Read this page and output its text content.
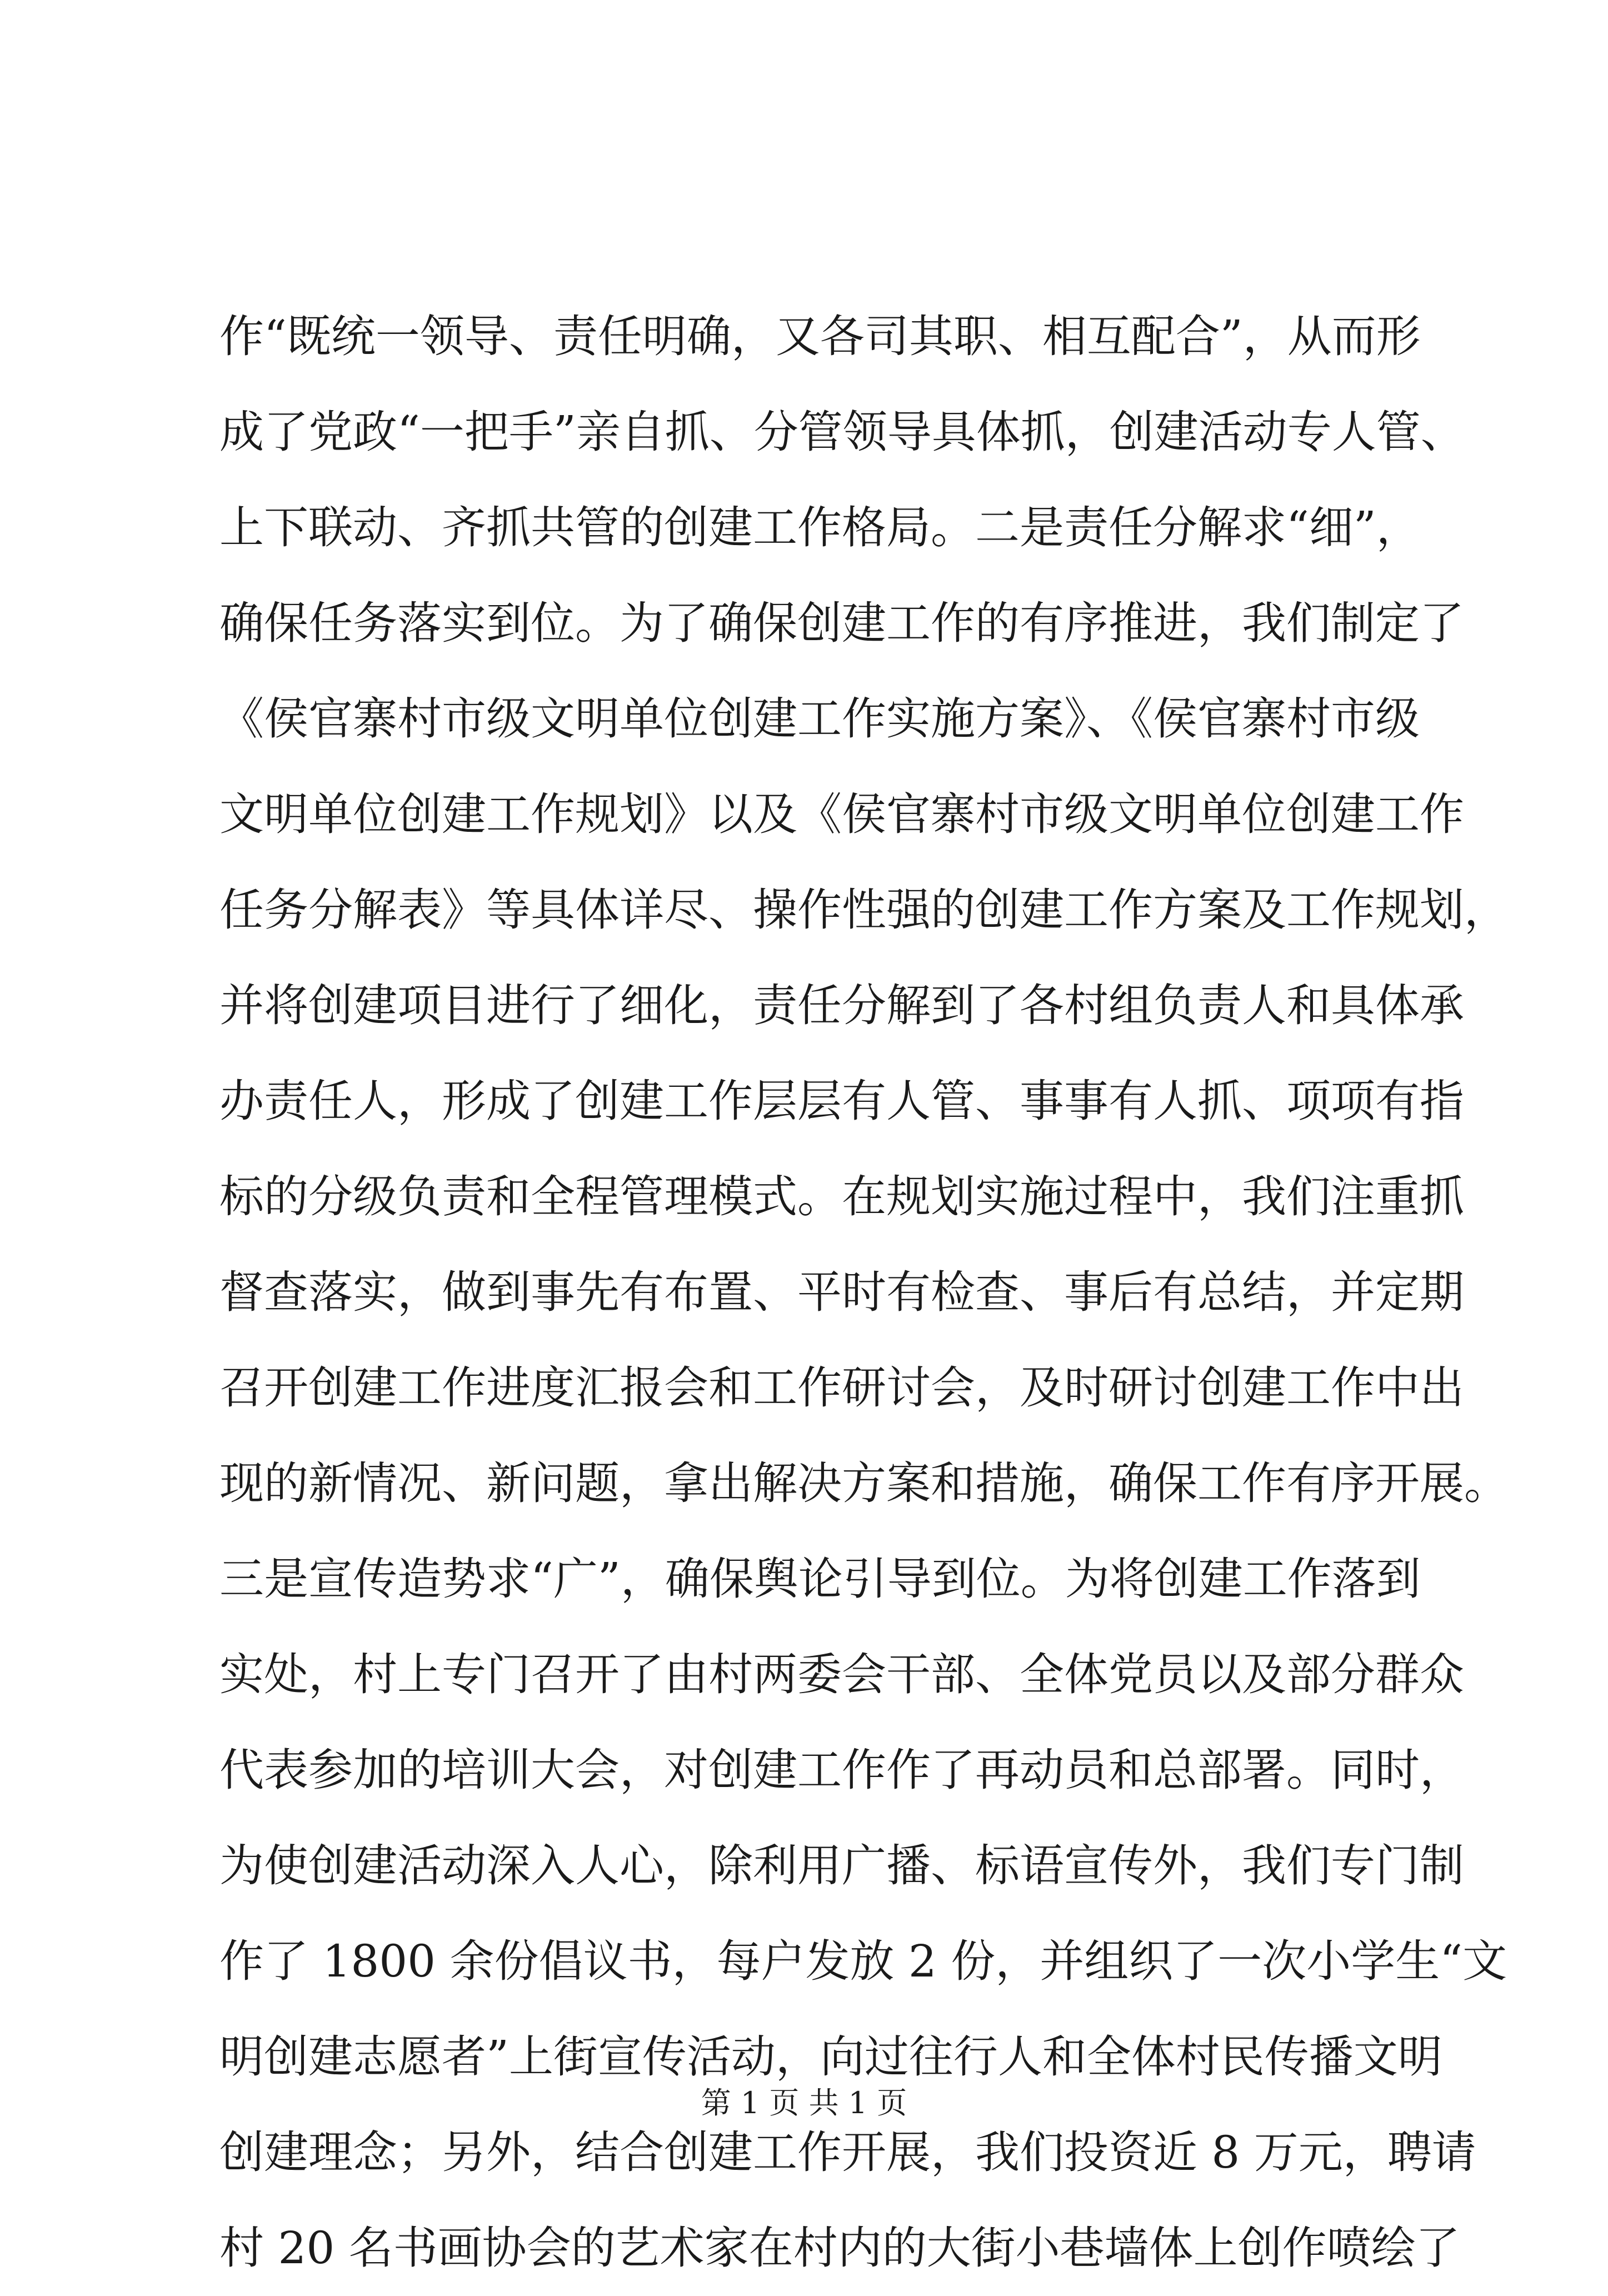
作“既统一领导、责任明确，又各司其职、相互配合”，从而形
成了党政“一把手”亲自抓、分管领导具体抓，创建活动专人管、
上下联动、齐抓共管的创建工作格局。二是责任分解求“细”，
确保任务落实到位。为了确保创建工作的有序推进，我们制定了
《侯官寨村市级文明单位创建工作实施方案》、《侯官寨村市级
文明单位创建工作规划》以及《侯官寨村市级文明单位创建工作
任务分解表》等具体详尽、操作性强的创建工作方案及工作规划，
并将创建项目进行了细化，责任分解到了各村组负责人和具体承
办责任人，形成了创建工作层层有人管、事事有人抓、项项有指
标的分级负责和全程管理模式。在规划实施过程中，我们注重抓
督查落实，做到事先有布置、平时有检查、事后有总结，并定期
召开创建工作进度汇报会和工作研讨会，及时研讨创建工作中出
现的新情况、新问题，拿出解决方案和措施，确保工作有序开展。
三是宣传造势求“广”，确保舆论引导到位。为将创建工作落到
实处，村上专门召开了由村两委会干部、全体党员以及部分群众
代表参加的培训大会，对创建工作作了再动员和总部署。同时，
为使创建活动深入人心，除利用广播、标语宣传外，我们专门制
作了 1800 余份倡议书，每户发放 2 份，并组织了一次小学生“文
明创建志愿者”上街宣传活动，向过往行人和全体村民传播文明
创建理念；另外，结合创建工作开展，我们投资近 8 万元，聘请
村 20 名书画协会的艺术家在村内的大街小巷墙体上创作喷绘了
第 1 页 共 1 页
